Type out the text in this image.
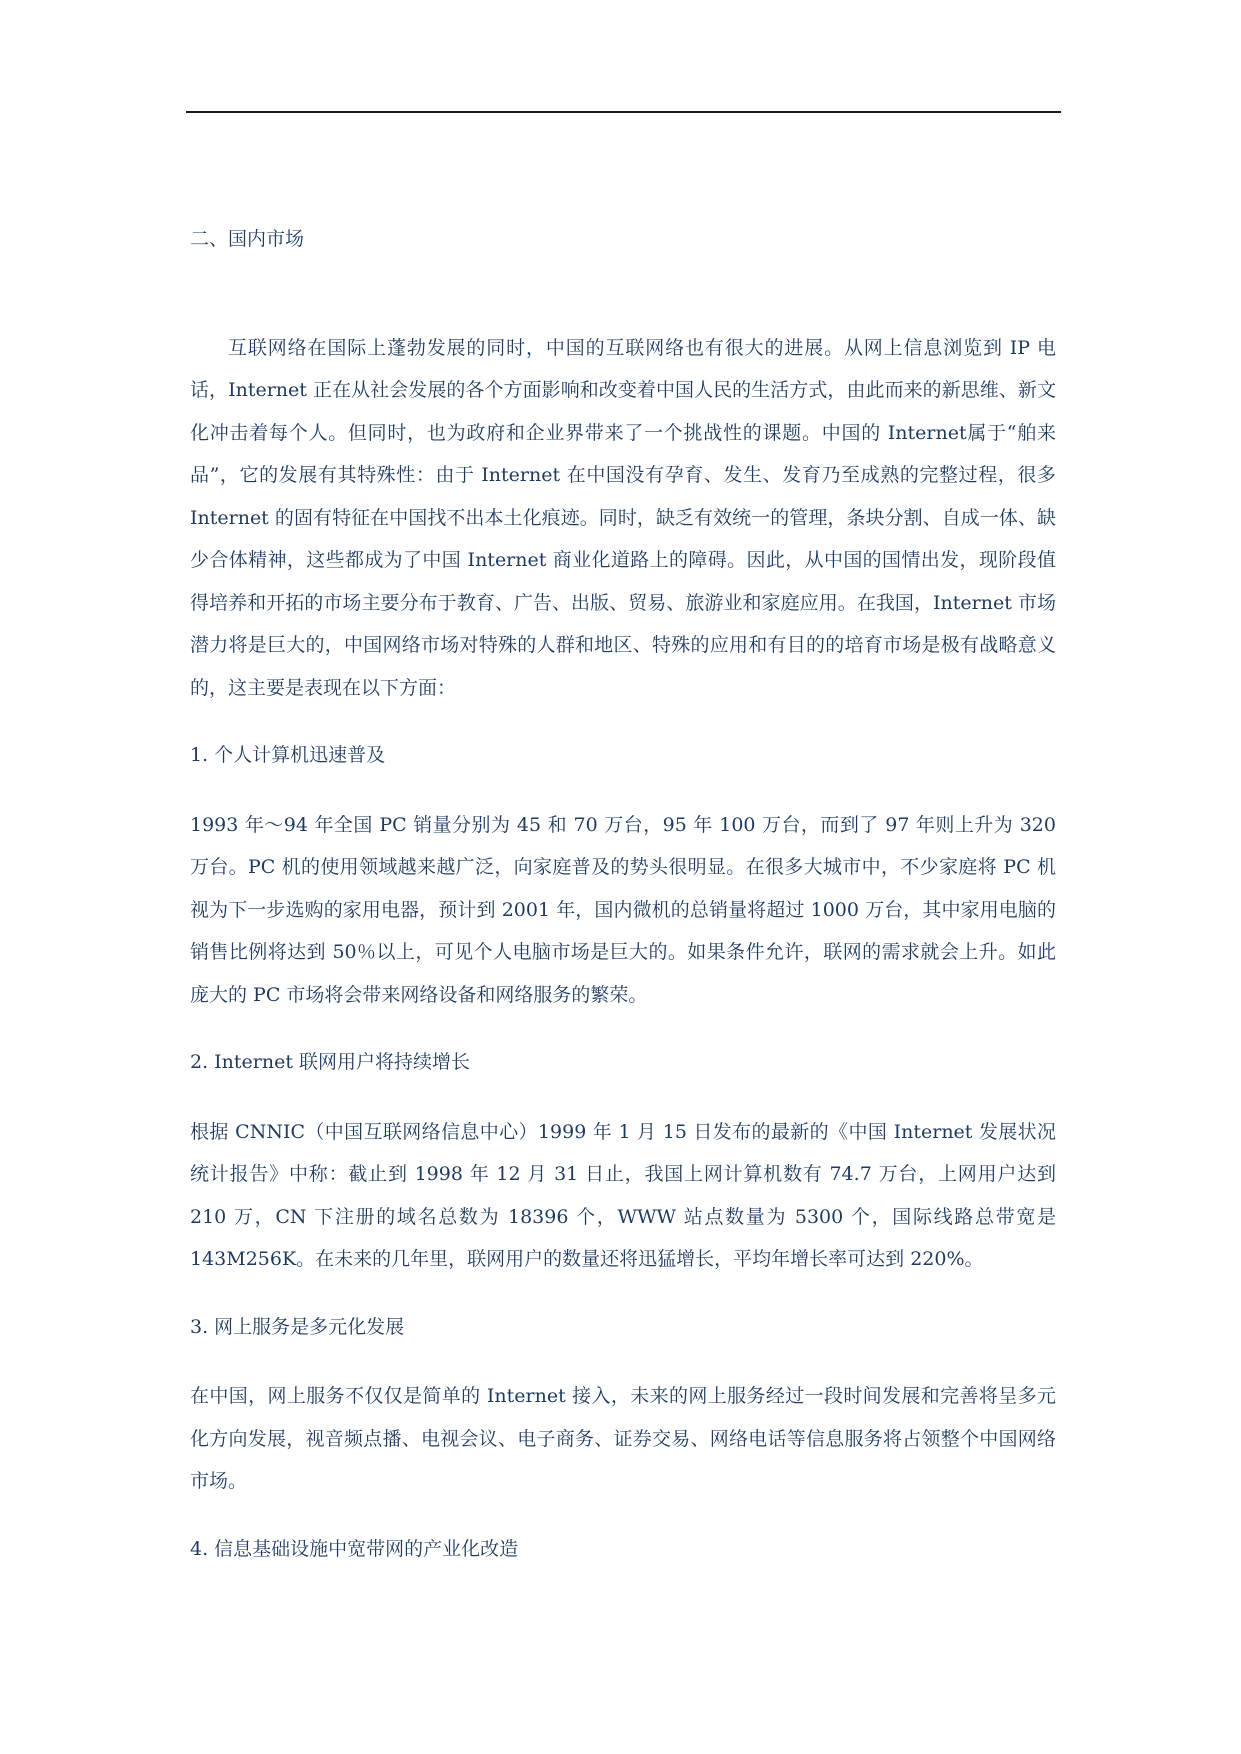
二、国内市场

互联网络在国际上蓬勃发展的同时，中国的互联网络也有很大的进展。从网上信息浏览到 IP 电话，Internet 正在从社会发展的各个方面影响和改变着中国人民的生活方式，由此而来的新思维、新文化冲击着每个人。但同时，也为政府和企业界带来了一个挑战性的课题。中国的 Internet属于“舶来品”，它的发展有其特殊性：由于 Internet 在中国没有孕育、发生、发育乃至成熟的完整过程，很多 Internet 的固有特征在中国找不出本土化痕迹。同时，缺乏有效统一的管理，条块分割、自成一体、缺少合体精神，这些都成为了中国 Internet 商业化道路上的障碍。因此，从中国的国情出发，现阶段值得培养和开拓的市场主要分布于教育、广告、出版、贸易、旅游业和家庭应用。在我国，Internet 市场潜力将是巨大的，中国网络市场对特殊的人群和地区、特殊的应用和有目的的培育市场是极有战略意义的，这主要是表现在以下方面：

1. 个人计算机迅速普及

1993 年～94 年全国 PC 销量分别为 45 和 70 万台，95 年 100 万台，而到了 97 年则上升为 320 万台。PC 机的使用领域越来越广泛，向家庭普及的势头很明显。在很多大城市中，不少家庭将 PC 机视为下一步选购的家用电器，预计到 2001 年，国内微机的总销量将超过 1000 万台，其中家用电脑的销售比例将达到 50％以上，可见个人电脑市场是巨大的。如果条件允许，联网的需求就会上升。如此庞大的 PC 市场将会带来网络设备和网络服务的繁荣。

2. Internet 联网用户将持续增长

根据 CNNIC（中国互联网络信息中心）1999 年 1 月 15 日发布的最新的《中国 Internet 发展状况统计报告》中称：截止到 1998 年 12 月 31 日止，我国上网计算机数有 74.7 万台，上网用户达到 210 万，CN 下注册的域名总数为 18396 个，WWW 站点数量为 5300 个，国际线路总带宽是 143M256K。在未来的几年里，联网用户的数量还将迅猛增长，平均年增长率可达到 220%。

3. 网上服务是多元化发展

在中国，网上服务不仅仅是简单的 Internet 接入，未来的网上服务经过一段时间发展和完善将呈多元化方向发展，视音频点播、电视会议、电子商务、证券交易、网络电话等信息服务将占领整个中国网络市场。

4. 信息基础设施中宽带网的产业化改造
